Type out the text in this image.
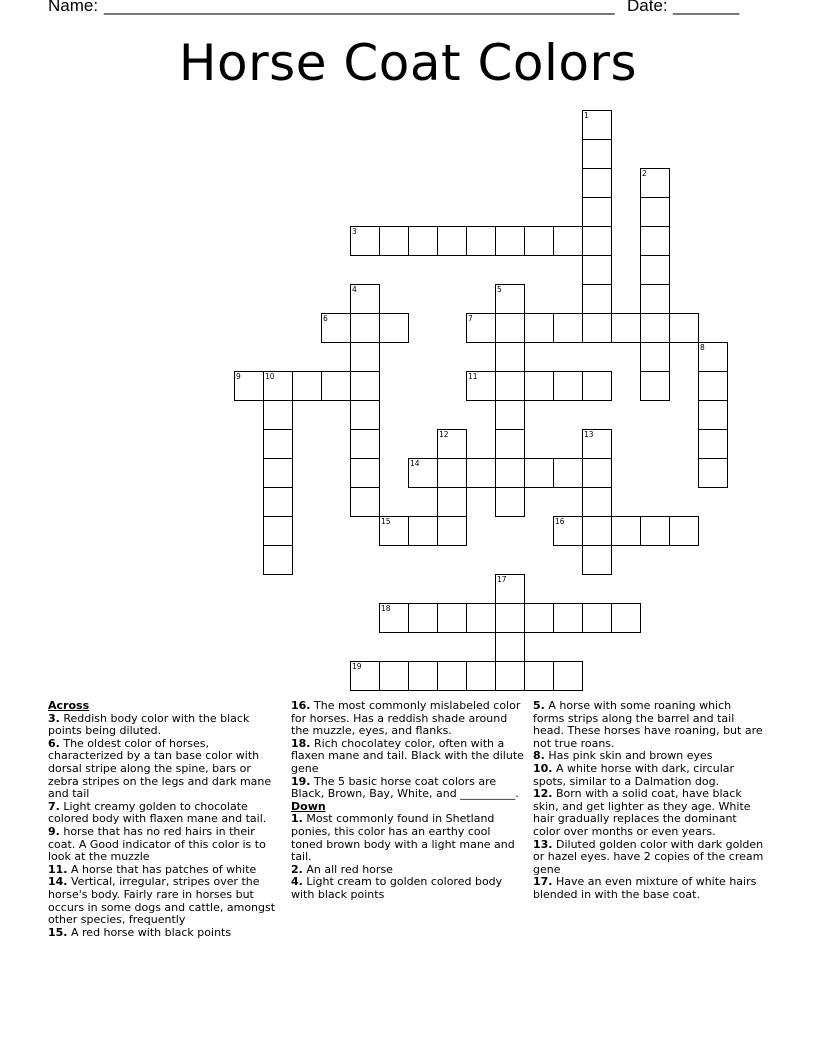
Name: ______________________________________________________ Date: _______
Horse Coat Colors
1
2
3
4	5
6	7
8
9	10	11
12	13
14
15	16
17
18
19
Across
3. Reddish body color with the black points being diluted.
6. The oldest color of horses, characterized by a tan base color with dorsal stripe along the spine, bars or zebra stripes on the legs and dark mane and tail
7. Light creamy golden to chocolate colored body with flaxen mane and tail.
9. horse that has no red hairs in their coat. A Good indicator of this color is to look at the muzzle
11. A horse that has patches of white
14. Vertical, irregular, stripes over the horse's body. Fairly rare in horses but occurs in some dogs and cattle, amongst other species, frequently
15. A red horse with black points
16. The most commonly mislabeled color for horses. Has a reddish shade around the muzzle, eyes, and flanks.
18. Rich chocolatey color, often with a flaxen mane and tail. Black with the dilute gene
19. The 5 basic horse coat colors are Black, Brown, Bay, White, and __________.
Down
1. Most commonly found in Shetland ponies, this color has an earthy cool toned brown body with a light mane and tail.
2. An all red horse
4. Light cream to golden colored body with black points
5. A horse with some roaning which forms strips along the barrel and tail head. These horses have roaning, but are not true roans.
8. Has pink skin and brown eyes
10. A white horse with dark, circular spots, similar to a Dalmation dog.
12. Born with a solid coat, have black skin, and get lighter as they age. White hair gradually replaces the dominant color over months or even years.
13. Diluted golden color with dark golden or hazel eyes. have 2 copies of the cream gene
17. Have an even mixture of white hairs blended in with the base coat.
